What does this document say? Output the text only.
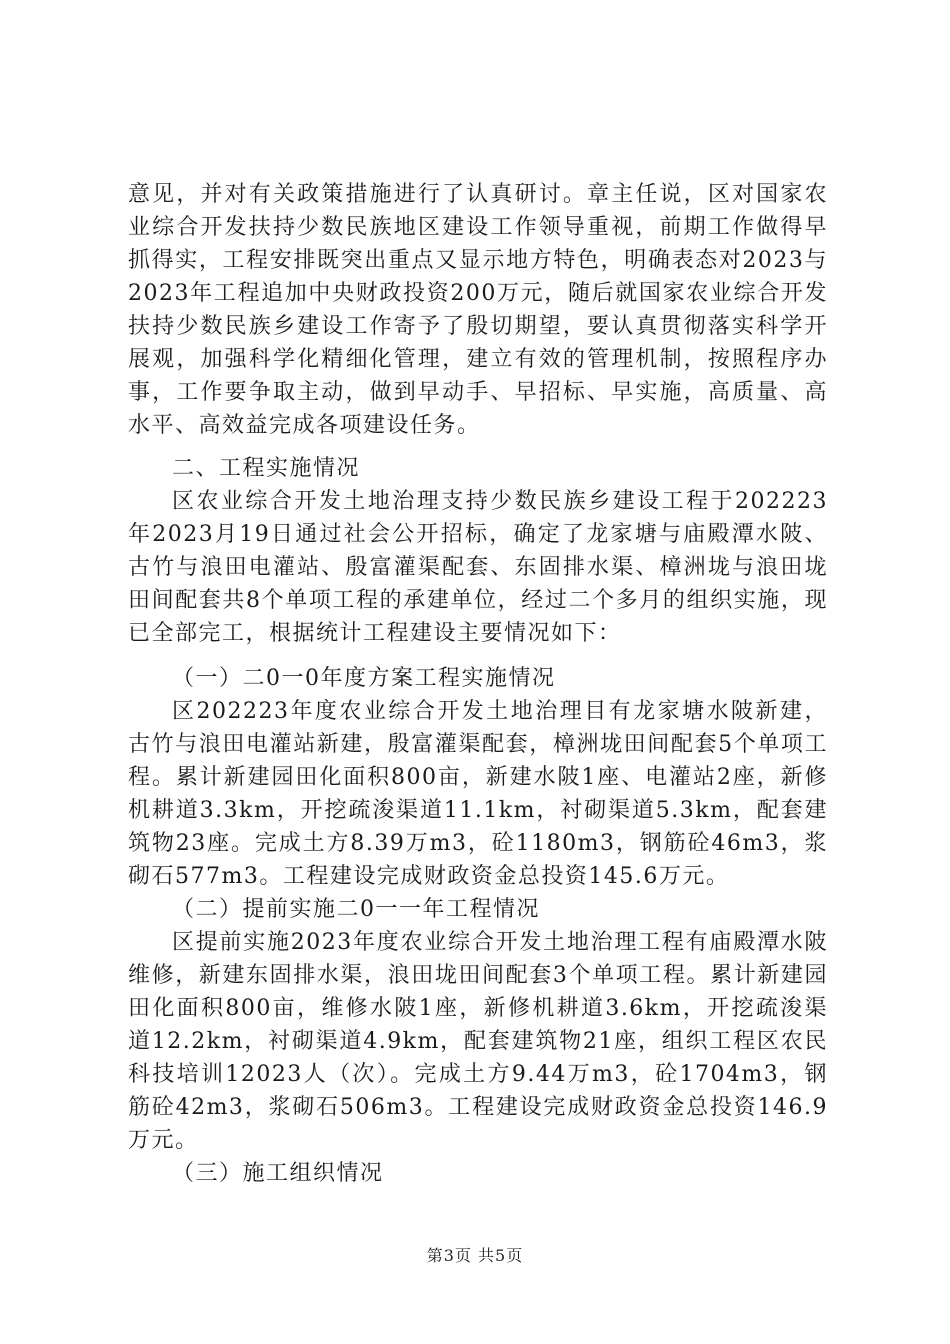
意见，并对有关政策措施进行了认真研讨。章主任说，区对国家农业综合开发扶持少数民族地区建设工作领导重视，前期工作做得早抓得实，工程安排既突出重点又显示地方特色，明确表态对2023与2023年工程追加中央财政投资200万元，随后就国家农业综合开发扶持少数民族乡建设工作寄予了殷切期望，要认真贯彻落实科学开展观，加强科学化精细化管理，建立有效的管理机制，按照程序办事，工作要争取主动，做到早动手、早招标、早实施，高质量、高水平、高效益完成各项建设任务。

二、工程实施情况

区农业综合开发土地治理支持少数民族乡建设工程于202223年2023月19日通过社会公开招标，确定了龙家塘与庙殿潭水陂、古竹与浪田电灌站、殷富灌渠配套、东固排水渠、樟洲垅与浪田垅田间配套共8个单项工程的承建单位，经过二个多月的组织实施，现已全部完工，根据统计工程建设主要情况如下：

（一）二0一0年度方案工程实施情况

区202223年度农业综合开发土地治理目有龙家塘水陂新建，古竹与浪田电灌站新建，殷富灌渠配套，樟洲垅田间配套5个单项工程。累计新建园田化面积800亩，新建水陂1座、电灌站2座，新修机耕道3.3km，开挖疏浚渠道11.1km，衬砌渠道5.3km，配套建筑物23座。完成土方8.39万m3，砼1180m3，钢筋砼46m3，浆砌石577m3。工程建设完成财政资金总投资145.6万元。

（二）提前实施二0一一年工程情况

区提前实施2023年度农业综合开发土地治理工程有庙殿潭水陂维修，新建东固排水渠，浪田垅田间配套3个单项工程。累计新建园田化面积800亩，维修水陂1座，新修机耕道3.6km，开挖疏浚渠道12.2km，衬砌渠道4.9km，配套建筑物21座，组织工程区农民科技培训12023人（次）。完成土方9.44万m3，砼1704m3，钢筋砼42m3，浆砌石506m3。工程建设完成财政资金总投资146.9万元。

（三）施工组织情况

第3页 共5页
